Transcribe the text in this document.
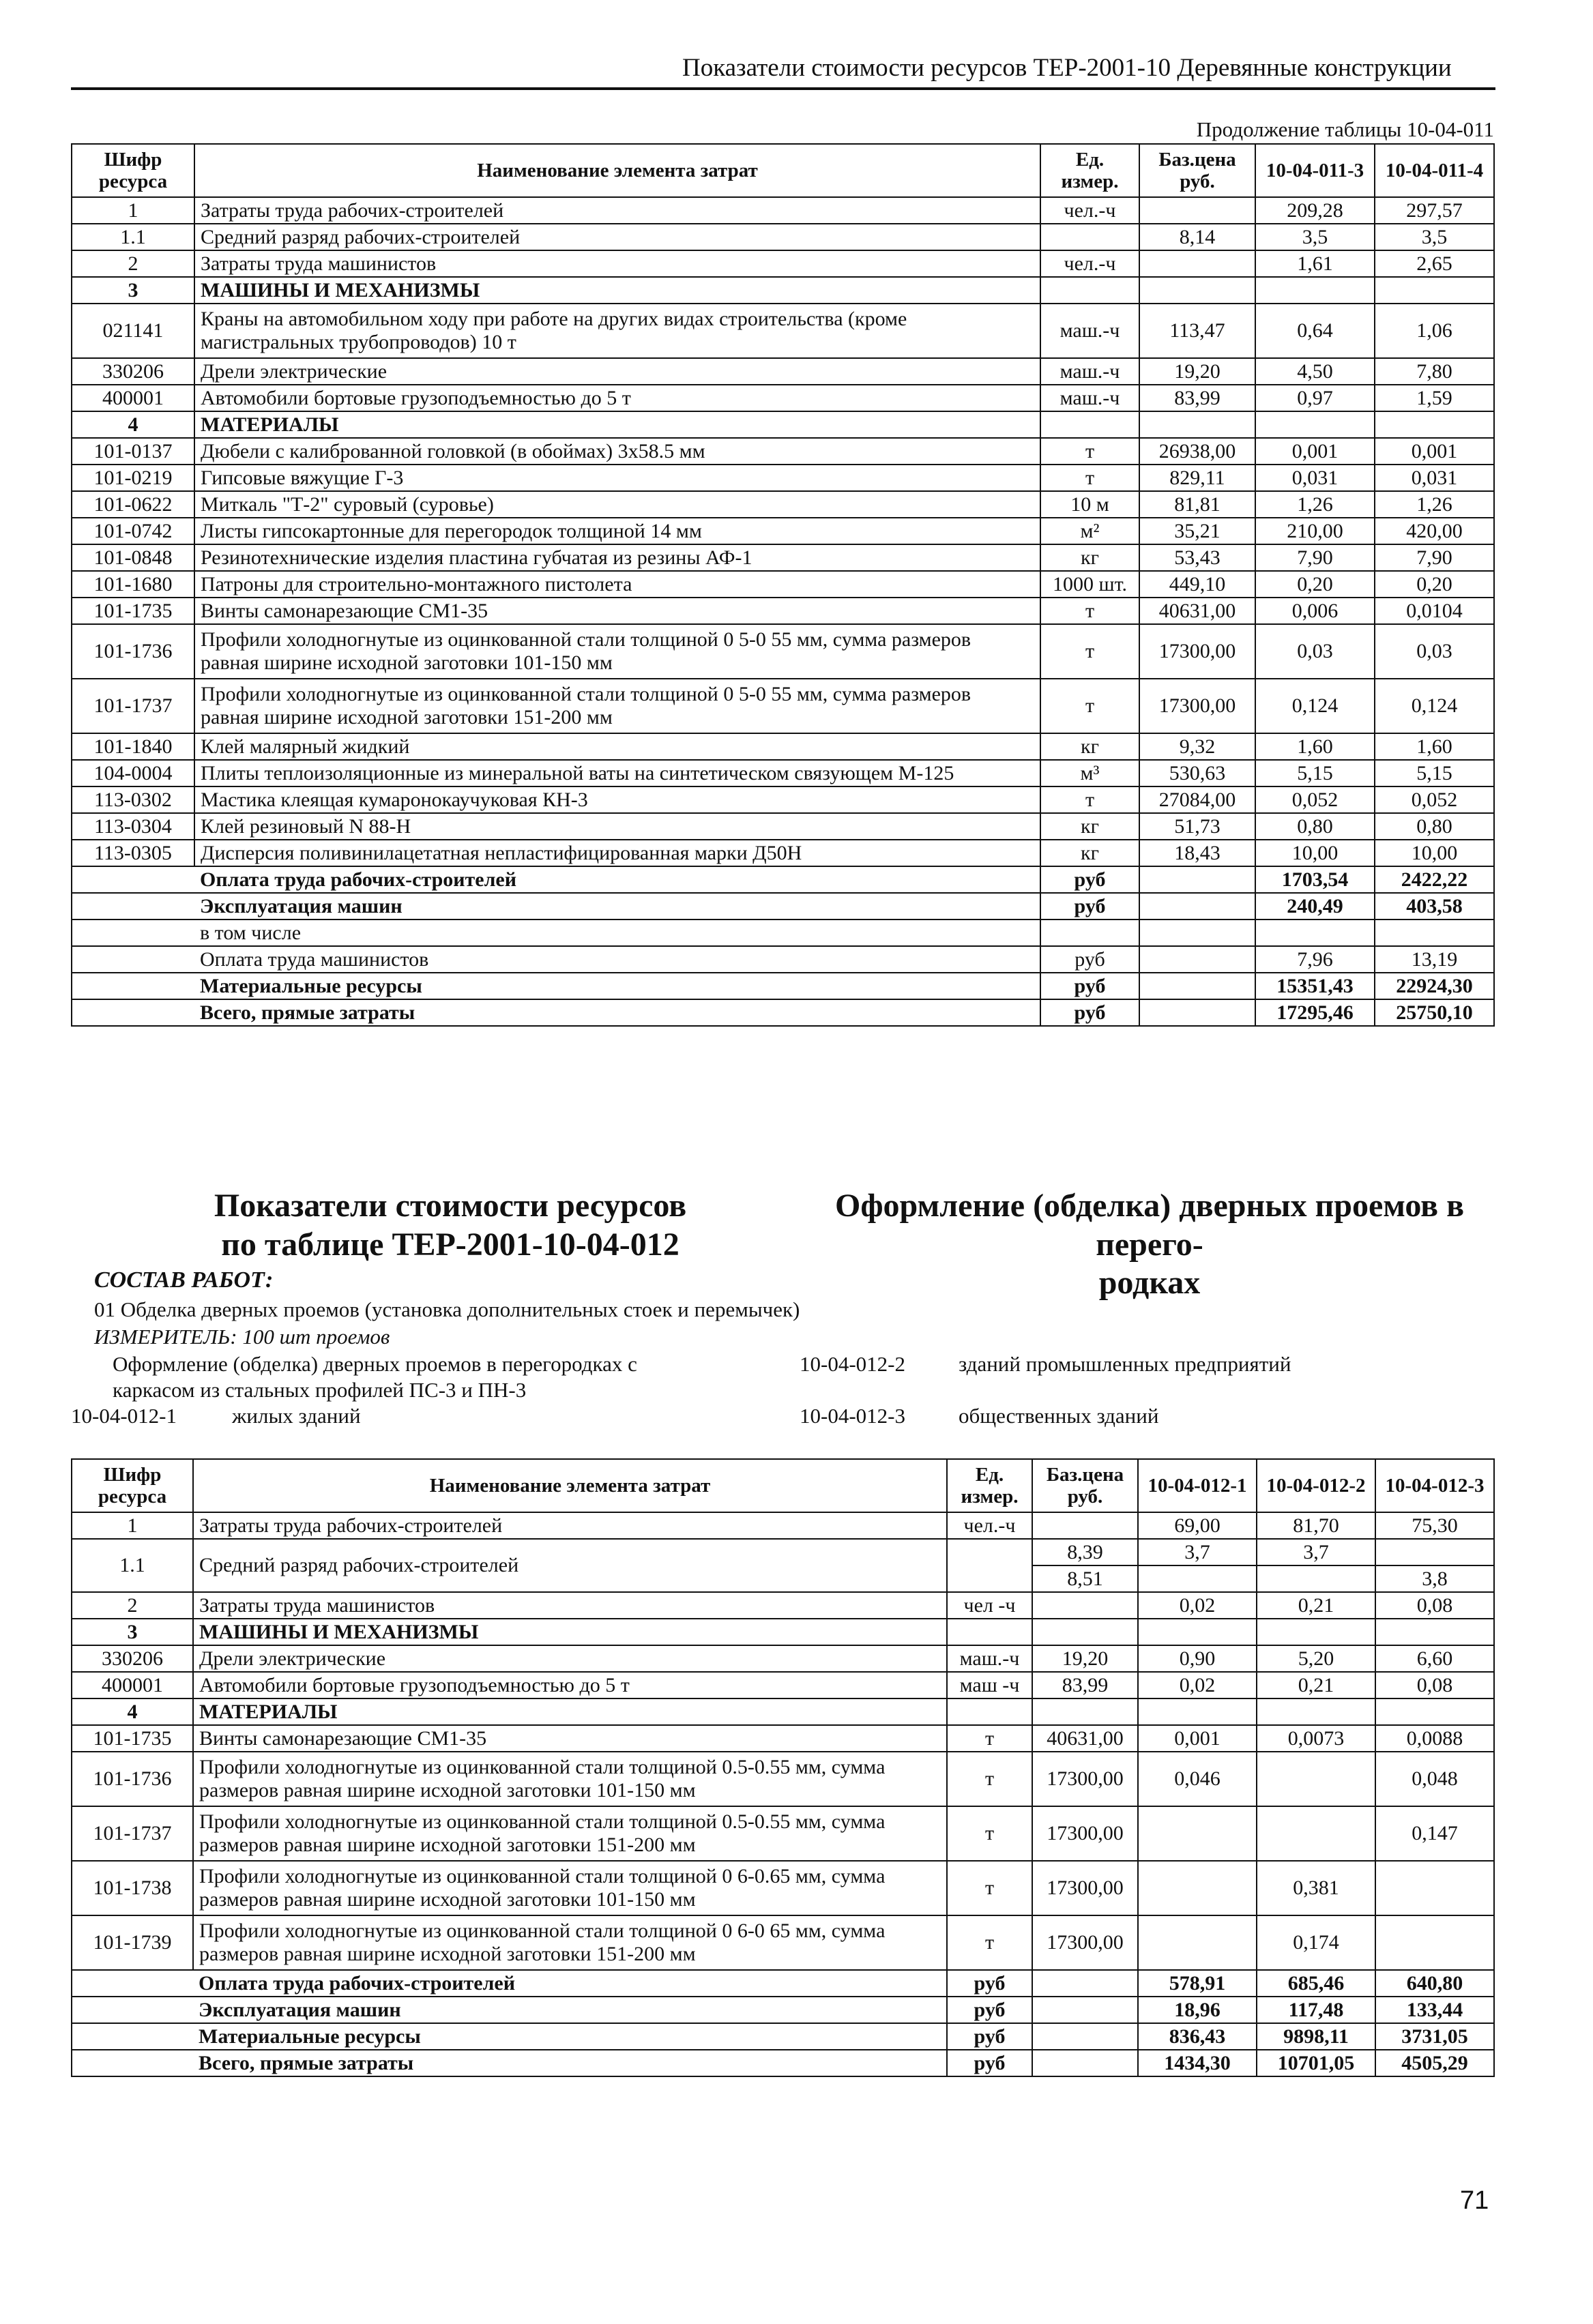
Показатели стоимости ресурсов ТЕР-2001-10 Деревянные конструкции
Продолжение таблицы 10-04-011
Шифр ресурса	Наименование элемента затрат	Ед. измер.	Баз.цена руб.	10-04-011-3	10-04-011-4
1	Затраты труда рабочих-строителей	чел.-ч		209,28	297,57
1.1	Средний разряд рабочих-строителей		8,14	3,5	3,5
2	Затраты труда машинистов	чел.-ч		1,61	2,65
3	МАШИНЫ И МЕХАНИЗМЫ				
021141	Краны на автомобильном ходу при работе на других видах строительства (кроме магистральных трубопроводов) 10 т	маш.-ч	113,47	0,64	1,06
330206	Дрели электрические	маш.-ч	19,20	4,50	7,80
400001	Автомобили бортовые грузоподъемностью до 5 т	маш.-ч	83,99	0,97	1,59
4	МАТЕРИАЛЫ				
101-0137	Дюбели с калиброванной головкой (в обоймах) 3х58.5 мм	т	26938,00	0,001	0,001
101-0219	Гипсовые вяжущие Г-3	т	829,11	0,031	0,031
101-0622	Миткаль "Т-2" суровый (суровье)	10 м	81,81	1,26	1,26
101-0742	Листы гипсокартонные для перегородок толщиной 14 мм	м²	35,21	210,00	420,00
101-0848	Резинотехнические изделия пластина губчатая из резины АФ-1	кг	53,43	7,90	7,90
101-1680	Патроны для строительно-монтажного пистолета	1000 шт.	449,10	0,20	0,20
101-1735	Винты самонарезающие СМ1-35	т	40631,00	0,006	0,0104
101-1736	Профили холодногнутые из оцинкованной стали толщиной 0 5-0 55 мм, сумма размеров равная ширине исходной заготовки 101-150 мм	т	17300,00	0,03	0,03
101-1737	Профили холодногнутые из оцинкованной стали толщиной 0 5-0 55 мм, сумма размеров равная ширине исходной заготовки 151-200 мм	т	17300,00	0,124	0,124
101-1840	Клей малярный жидкий	кг	9,32	1,60	1,60
104-0004	Плиты теплоизоляционные из минеральной ваты на синтетическом связующем М-125	м³	530,63	5,15	5,15
113-0302	Мастика клеящая кумаронокаучуковая КН-3	т	27084,00	0,052	0,052
113-0304	Клей резиновый N 88-Н	кг	51,73	0,80	0,80
113-0305	Дисперсия поливинилацетатная непластифицированная марки Д50Н	кг	18,43	10,00	10,00
	Оплата труда рабочих-строителей	руб		1703,54	2422,22
	Эксплуатация машин	руб		240,49	403,58
	в том числе				
	Оплата труда машинистов	руб		7,96	13,19
	Материальные ресурсы	руб		15351,43	22924,30
	Всего, прямые затраты	руб		17295,46	25750,10
Показатели стоимости ресурсов
по таблице ТЕР-2001-10-04-012
Оформление (обделка) дверных проемов в перего-
родках
СОСТАВ РАБОТ:
01 Обделка дверных проемов (установка дополнительных стоек и перемычек)
ИЗМЕРИТЕЛЬ: 100 шт проемов
Оформление (обделка) дверных проемов в перегородках с
каркасом из стальных профилей ПС-3 и ПН-3
10-04-012-1	жилых зданий
10-04-012-2	зданий промышленных предприятий
10-04-012-3	общественных зданий
Шифр ресурса	Наименование элемента затрат	Ед. измер.	Баз.цена руб.	10-04-012-1	10-04-012-2	10-04-012-3
1	Затраты труда рабочих-строителей	чел.-ч		69,00	81,70	75,30
1.1	Средний разряд рабочих-строителей		8,39	3,7	3,7	
			8,51			3,8
2	Затраты труда машинистов	чел -ч		0,02	0,21	0,08
3	МАШИНЫ И МЕХАНИЗМЫ					
330206	Дрели электрические	маш.-ч	19,20	0,90	5,20	6,60
400001	Автомобили бортовые грузоподъемностью до 5 т	маш -ч	83,99	0,02	0,21	0,08
4	МАТЕРИАЛЫ					
101-1735	Винты самонарезающие СМ1-35	т	40631,00	0,001	0,0073	0,0088
101-1736	Профили холодногнутые из оцинкованной стали толщиной 0.5-0.55 мм, сумма размеров равная ширине исходной заготовки 101-150 мм	т	17300,00	0,046		0,048
101-1737	Профили холодногнутые из оцинкованной стали толщиной 0.5-0.55 мм, сумма размеров равная ширине исходной заготовки 151-200 мм	т	17300,00			0,147
101-1738	Профили холодногнутые из оцинкованной стали толщиной 0 6-0.65 мм, сумма размеров равная ширине исходной заготовки 101-150 мм	т	17300,00		0,381	
101-1739	Профили холодногнутые из оцинкованной стали толщиной 0 6-0 65 мм, сумма размеров равная ширине исходной заготовки 151-200 мм	т	17300,00		0,174	
	Оплата труда рабочих-строителей	руб		578,91	685,46	640,80
	Эксплуатация машин	руб		18,96	117,48	133,44
	Материальные ресурсы	руб		836,43	9898,11	3731,05
	Всего, прямые затраты	руб		1434,30	10701,05	4505,29
71
